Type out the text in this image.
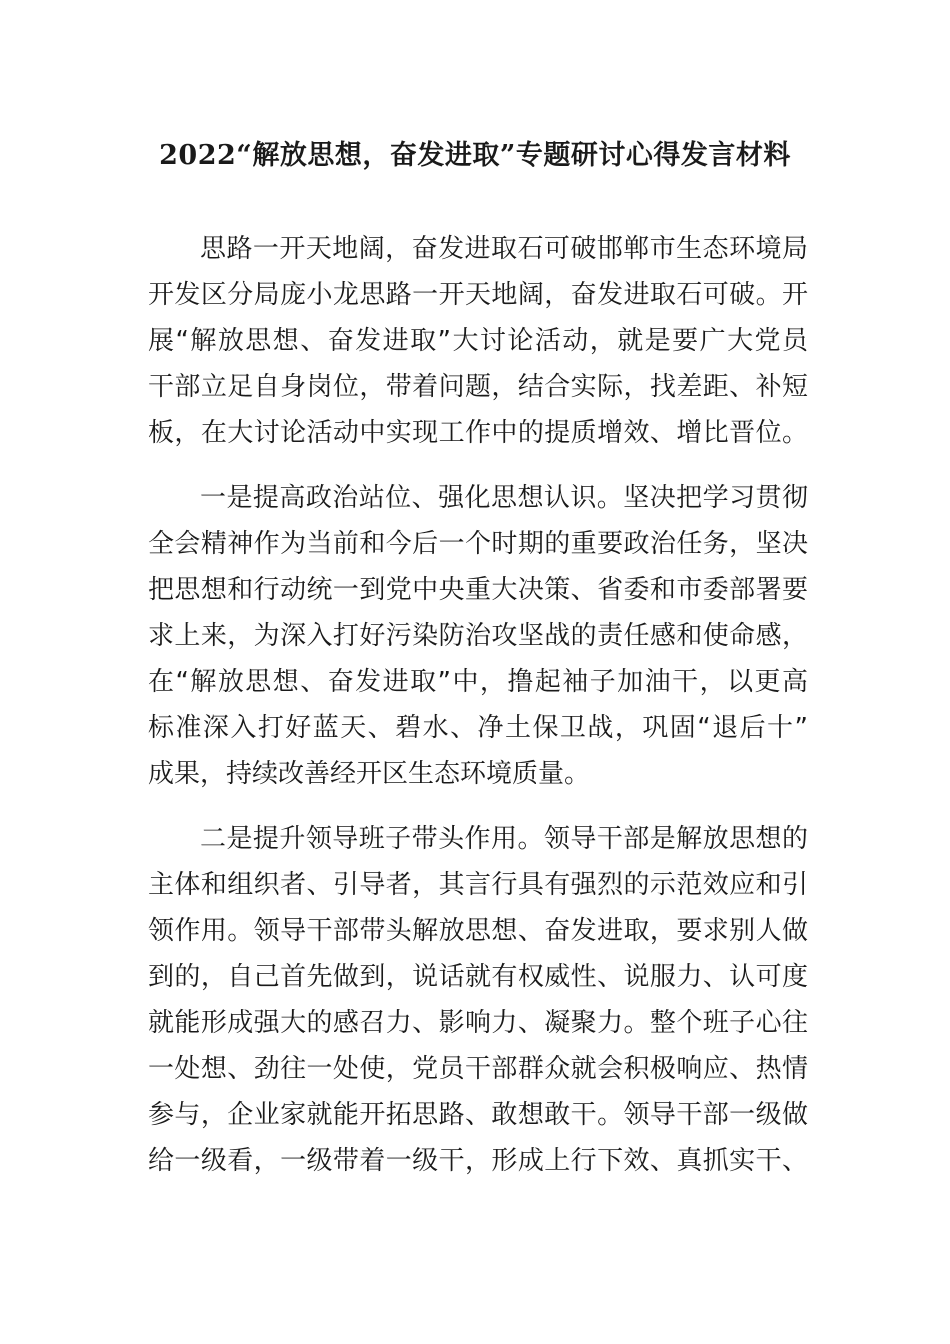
2022“解放思想，奋发进取”专题研讨心得发言材料
思路一开天地阔，奋发进取石可破邯郸市生态环境局
开发区分局庞小龙思路一开天地阔，奋发进取石可破。开
展“解放思想、奋发进取”大讨论活动，就是要广大党员
干部立足自身岗位，带着问题，结合实际，找差距、补短
板，在大讨论活动中实现工作中的提质增效、增比晋位。
一是提高政治站位、强化思想认识。坚决把学习贯彻
全会精神作为当前和今后一个时期的重要政治任务，坚决
把思想和行动统一到党中央重大决策、省委和市委部署要
求上来，为深入打好污染防治攻坚战的责任感和使命感，
在“解放思想、奋发进取”中，撸起袖子加油干，以更高
标准深入打好蓝天、碧水、净土保卫战，巩固“退后十”
成果，持续改善经开区生态环境质量。
二是提升领导班子带头作用。领导干部是解放思想的
主体和组织者、引导者，其言行具有强烈的示范效应和引
领作用。领导干部带头解放思想、奋发进取，要求别人做
到的，自己首先做到，说话就有权威性、说服力、认可度
就能形成强大的感召力、影响力、凝聚力。整个班子心往
一处想、劲往一处使，党员干部群众就会积极响应、热情
参与，企业家就能开拓思路、敢想敢干。领导干部一级做
给一级看，一级带着一级干，形成上行下效、真抓实干、
